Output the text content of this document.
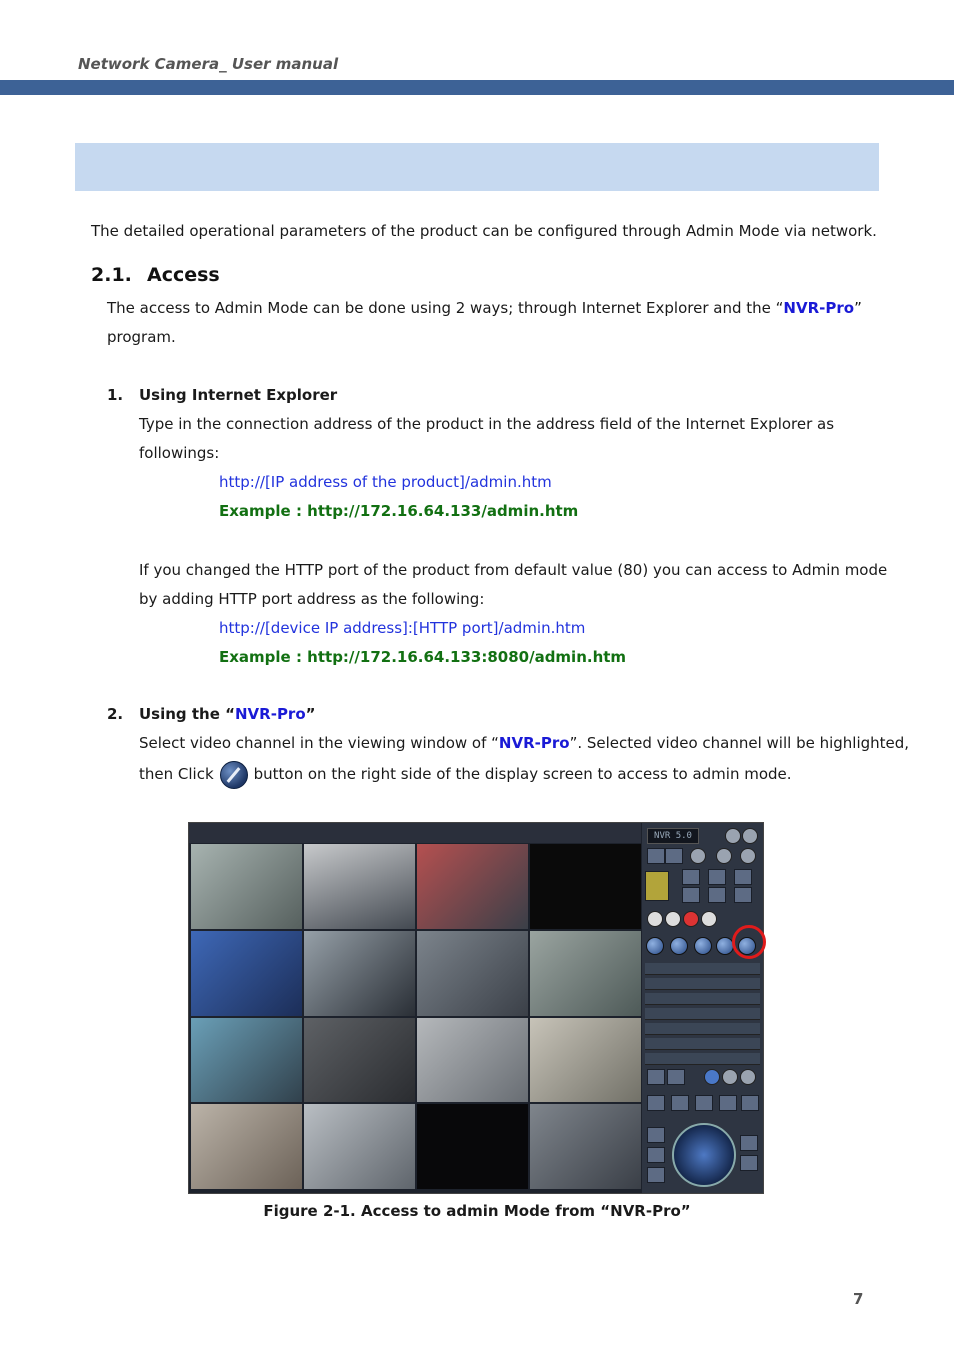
Network Camera_ User manual
The detailed operational parameters of the product can be configured through Admin Mode via network.
2.1. Access
The access to Admin Mode can be done using 2 ways; through Internet Explorer and the “NVR-Pro”
program.
1. Using Internet Explorer
Type in the connection address of the product in the address field of the Internet Explorer as
followings:
http://[IP address of the product]/admin.htm
Example : http://172.16.64.133/admin.htm
If you changed the HTTP port of the product from default value (80) you can access to Admin mode
by adding HTTP port address as the following:
http://[device IP address]:[HTTP port]/admin.htm
Example : http://172.16.64.133:8080/admin.htm
2. Using the “NVR-Pro”
Select video channel in the viewing window of “NVR-Pro”. Selected video channel will be highlighted,
then Click	button on the right side of the display screen to access to admin mode.
NVR 5.0
Figure 2-1. Access to admin Mode from “NVR-Pro”
7
